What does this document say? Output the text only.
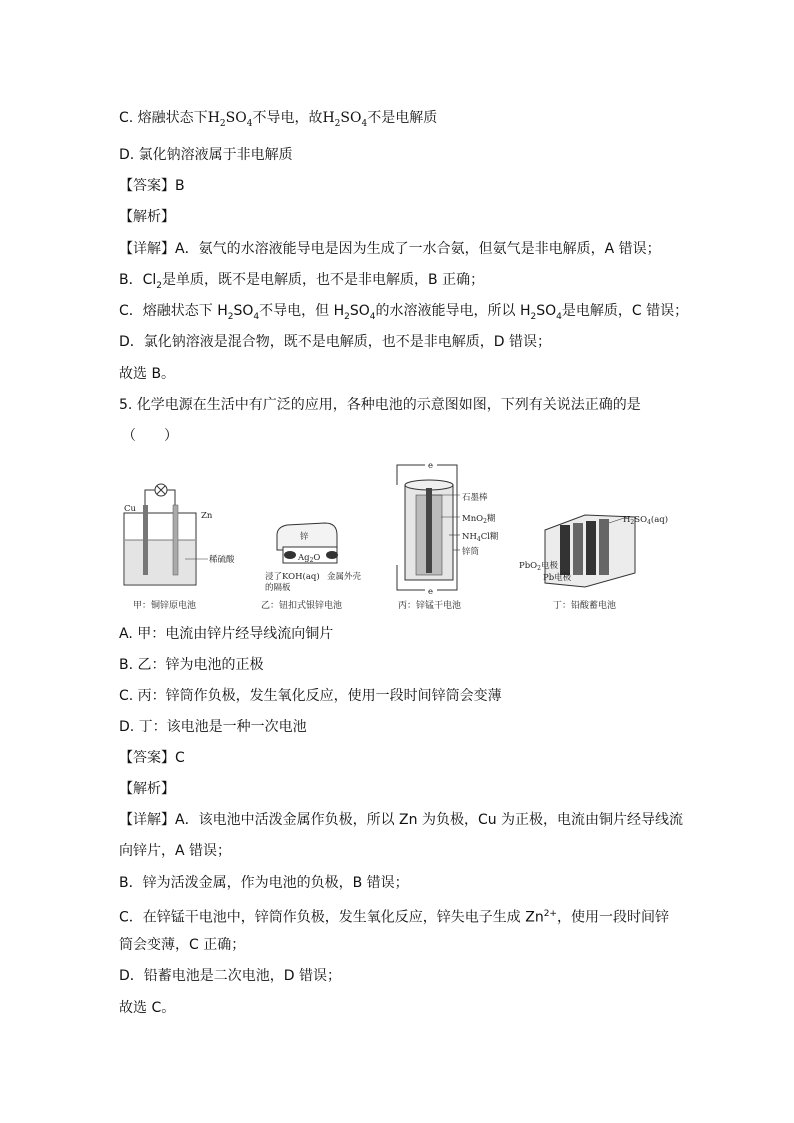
C. 熔融状态下$H_2SO_4$不导电，故$H_2SO_4$不是电解质
D. 氯化钠溶液属于非电解质
【答案】B
【解析】
【详解】A．氨气的水溶液能导电是因为生成了一水合氨，但氨气是非电解质，A 错误；
B．$Cl_2$是单质，既不是电解质，也不是非电解质，B 正确；
C．熔融状态下 $H_2SO_4$不导电，但 $H_2SO_4$的水溶液能导电，所以 $H_2SO_4$是电解质，C 错误；
D．氯化钠溶液是混合物，既不是电解质，也不是非电解质，D 错误；
故选 B。
5. 化学电源在生活中有广泛的应用，各种电池的示意图如图，下列有关说法正确的是
（　　）
Cu
Zn
稀硫酸
甲：铜锌原电池
锌
$Ag_2O$
浸了KOH(aq)
的隔板
金属外壳
乙：钮扣式银锌电池
e
e
石墨棒
MnO$_2$糊
$NH_4Cl$糊
锌筒
丙：锌锰干电池
$H_2SO_4(aq)$
PbO$_2$电极
Pb电极
丁：铅酸蓄电池
A. 甲：电流由锌片经导线流向铜片
B. 乙：锌为电池的正极
C. 丙：锌筒作负极，发生氧化反应，使用一段时间锌筒会变薄
D. 丁：该电池是一种一次电池
【答案】C
【解析】
【详解】A．该电池中活泼金属作负极，所以 Zn 为负极，Cu 为正极，电流由铜片经导线流
向锌片，A 错误；
B．锌为活泼金属，作为电池的负极，B 错误；
C．在锌锰干电池中，锌筒作负极，发生氧化反应，锌失电子生成 $Zn^{2+}$，使用一段时间锌
筒会变薄，C 正确；
D．铅蓄电池是二次电池，D 错误；
故选 C。
